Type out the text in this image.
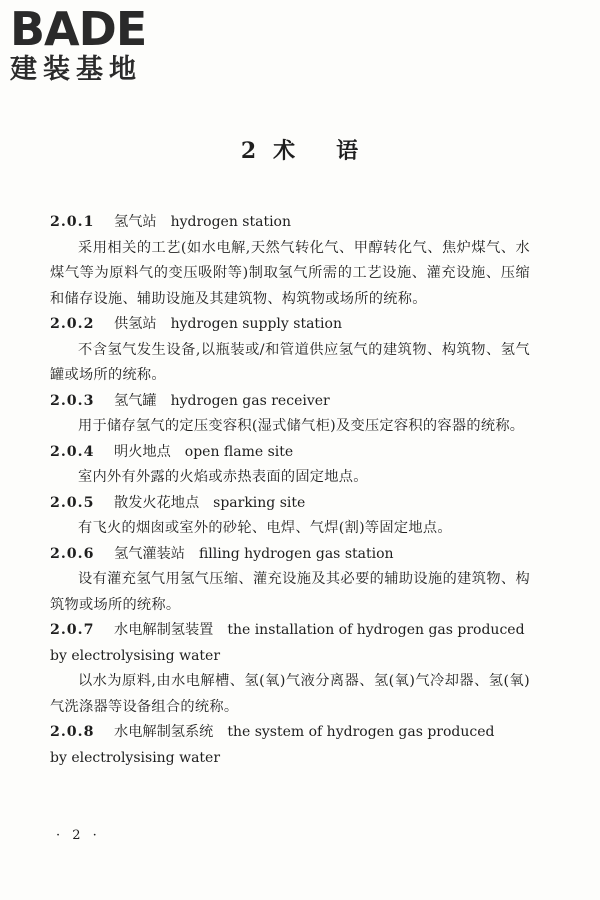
BADE
建装基地
2 术 语
2.0.1 氢气站 hydrogen station
采用相关的工艺(如水电解,天然气转化气、甲醇转化气、焦炉煤气、水煤气等为原料气的变压吸附等)制取氢气所需的工艺设施、灌充设施、压缩和储存设施、辅助设施及其建筑物、构筑物或场所的统称。
2.0.2 供氢站 hydrogen supply station
不含氢气发生设备,以瓶装或/和管道供应氢气的建筑物、构筑物、氢气罐或场所的统称。
2.0.3 氢气罐 hydrogen gas receiver
用于储存氢气的定压变容积(湿式储气柜)及变压定容积的容器的统称。
2.0.4 明火地点 open flame site
室内外有外露的火焰或赤热表面的固定地点。
2.0.5 散发火花地点 sparking site
有飞火的烟囱或室外的砂轮、电焊、气焊(割)等固定地点。
2.0.6 氢气灌装站 filling hydrogen gas station
设有灌充氢气用氢气压缩、灌充设施及其必要的辅助设施的建筑物、构筑物或场所的统称。
2.0.7 水电解制氢装置 the installation of hydrogen gas produced
by electrolysising water
以水为原料,由水电解槽、氢(氧)气液分离器、氢(氧)气冷却器、氢(氧)气洗涤器等设备组合的统称。
2.0.8 水电解制氢系统 the system of hydrogen gas produced
by electrolysising water
· 2 ·
